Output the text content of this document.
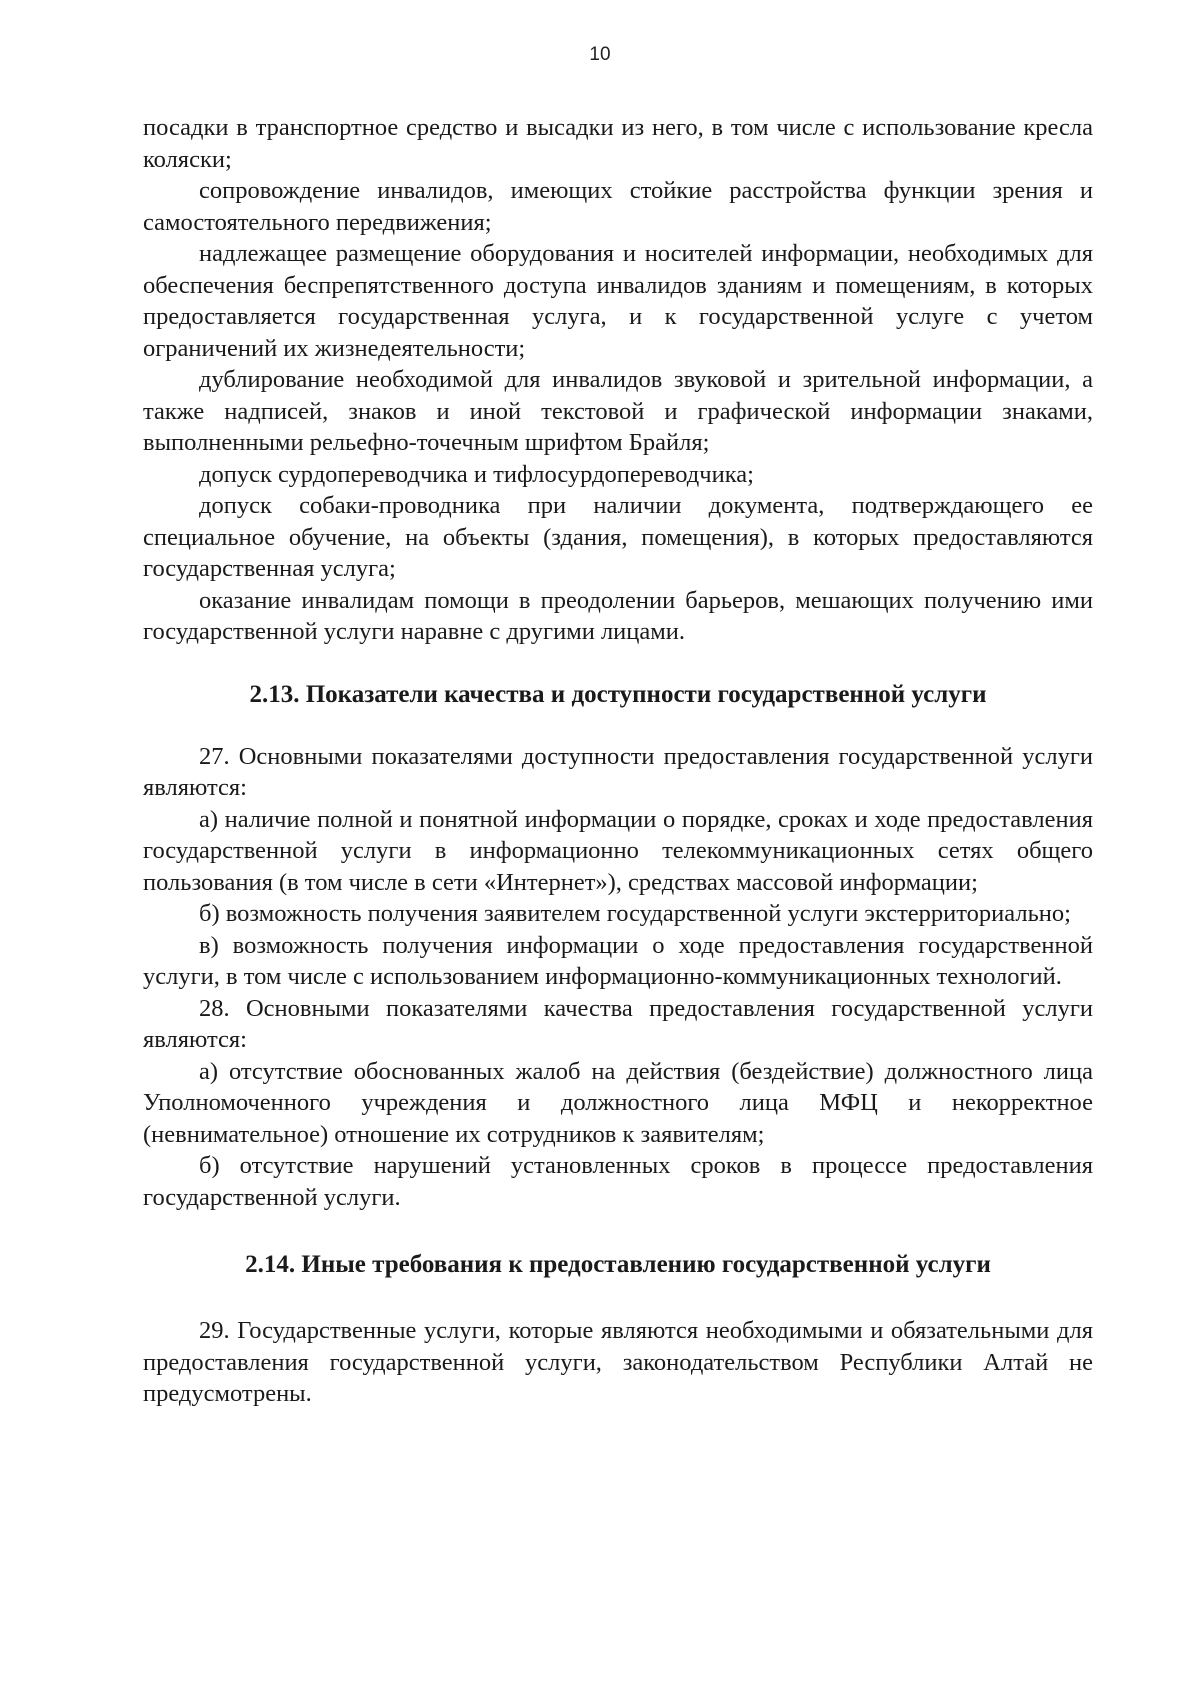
10

посадки в транспортное средство и высадки из него, в том числе с использование кресла коляски;

сопровождение инвалидов, имеющих стойкие расстройства функции зрения и самостоятельного передвижения;

надлежащее размещение оборудования и носителей информации, необходимых для обеспечения беспрепятственного доступа инвалидов зданиям и помещениям, в которых предоставляется государственная услуга, и к государственной услуге с учетом ограничений их жизнедеятельности;

дублирование необходимой для инвалидов звуковой и зрительной информации, а также надписей, знаков и иной текстовой и графической информации знаками, выполненными рельефно-точечным шрифтом Брайля;

допуск сурдопереводчика и тифлосурдопереводчика;

допуск собаки-проводника при наличии документа, подтверждающего ее специальное обучение, на объекты (здания, помещения), в которых предоставляются государственная услуга;

оказание инвалидам помощи в преодолении барьеров, мешающих получению ими государственной услуги наравне с другими лицами.

2.13. Показатели качества и доступности государственной услуги

27. Основными показателями доступности предоставления государственной услуги являются:

а) наличие полной и понятной информации о порядке, сроках и ходе предоставления государственной услуги в информационно телекоммуникационных сетях общего пользования (в том числе в сети «Интернет»), средствах массовой информации;

б) возможность получения заявителем государственной услуги экстерриториально;

в) возможность получения информации о ходе предоставления государственной услуги, в том числе с использованием информационно-коммуникационных технологий.

28. Основными показателями качества предоставления государственной услуги являются:

а) отсутствие обоснованных жалоб на действия (бездействие) должностного лица Уполномоченного учреждения и должностного лица МФЦ и некорректное (невнимательное) отношение их сотрудников к заявителям;

б) отсутствие нарушений установленных сроков в процессе предоставления государственной услуги.

2.14. Иные требования к предоставлению государственной услуги

29. Государственные услуги, которые являются необходимыми и обязательными для предоставления государственной услуги, законодательством Республики Алтай не предусмотрены.
